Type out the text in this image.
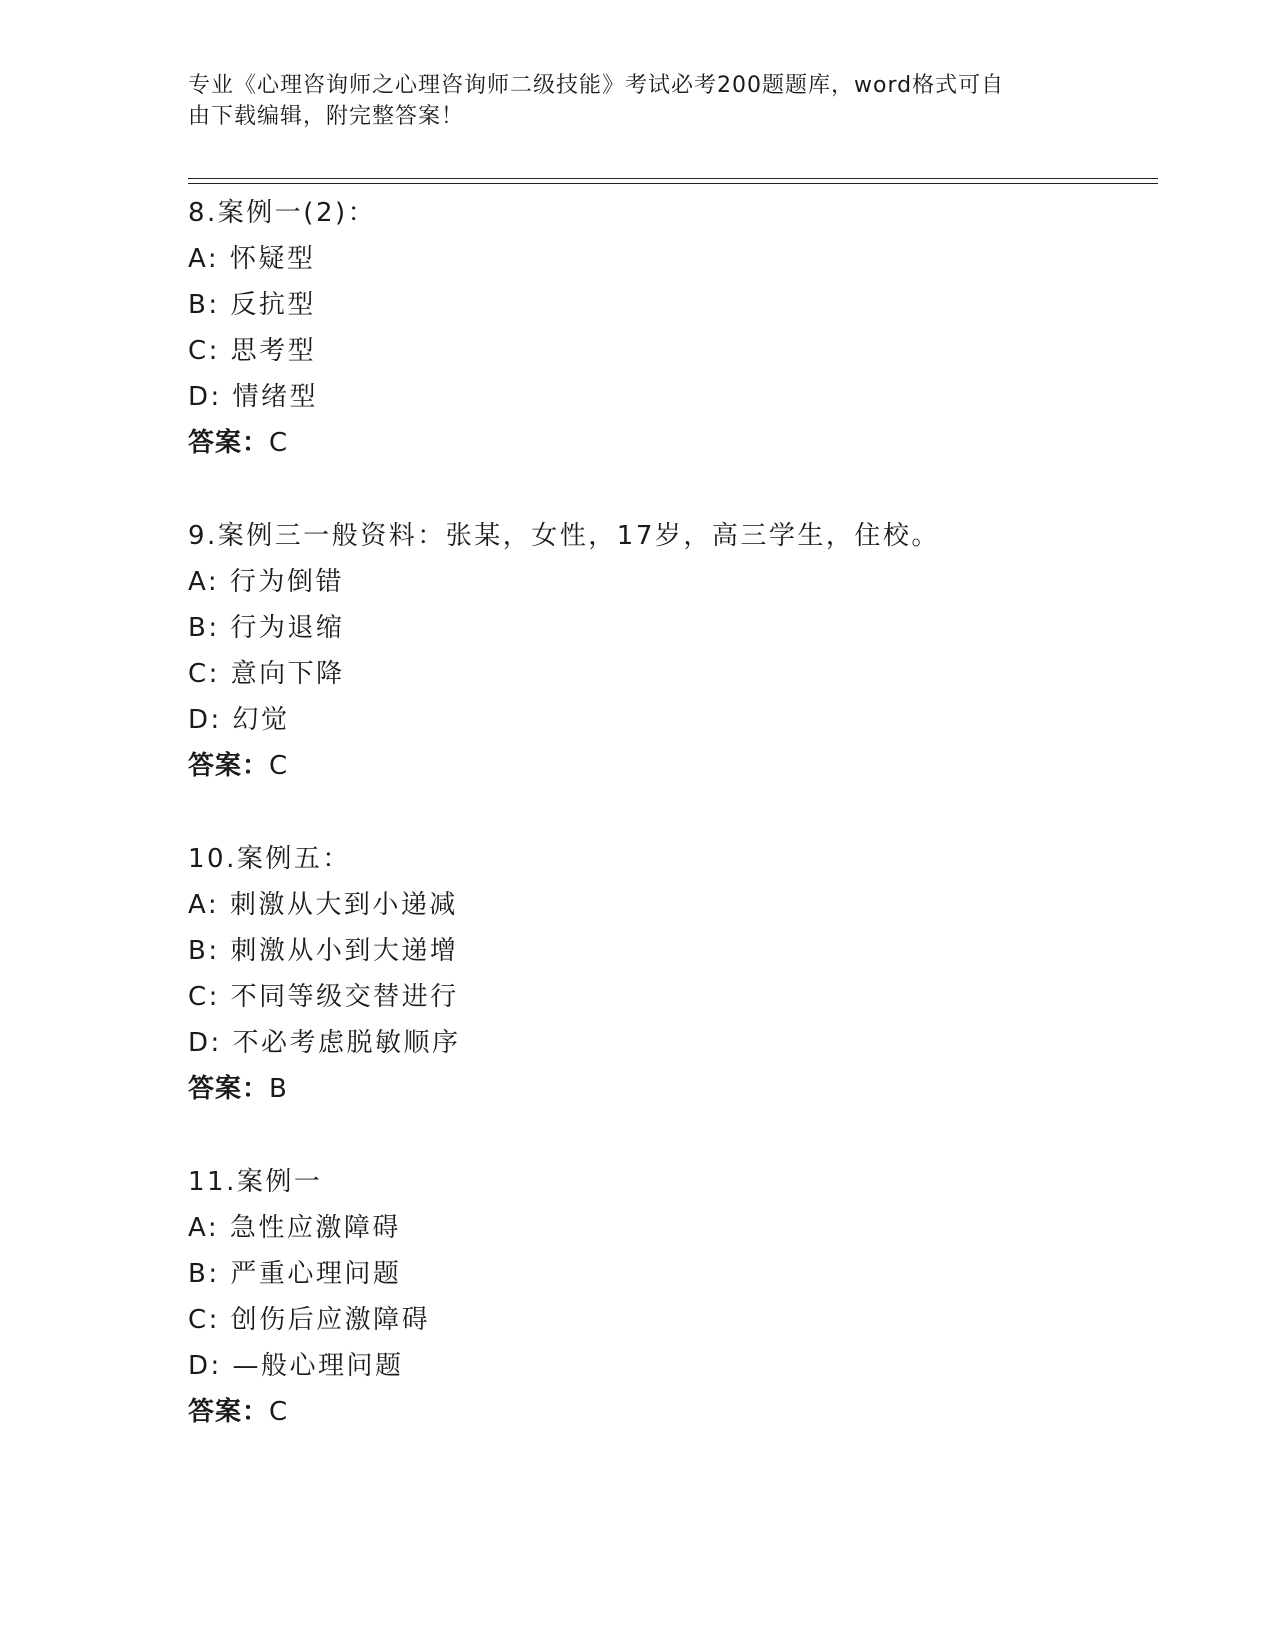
专业《心理咨询师之心理咨询师二级技能》考试必考200题题库，word格式可自
由下载编辑，附完整答案！
8.案例一(2)：
A: 怀疑型
B: 反抗型
C: 思考型
D: 情绪型
答案：C
9.案例三一般资料：张某，女性，17岁，高三学生，住校。
A: 行为倒错
B: 行为退缩
C: 意向下降
D: 幻觉
答案：C
10.案例五：
A: 刺激从大到小递减
B: 刺激从小到大递增
C: 不同等级交替进行
D: 不必考虑脱敏顺序
答案：B
11.案例一
A: 急性应激障碍
B: 严重心理问题
C: 创伤后应激障碍
D: —般心理问题
答案：C
